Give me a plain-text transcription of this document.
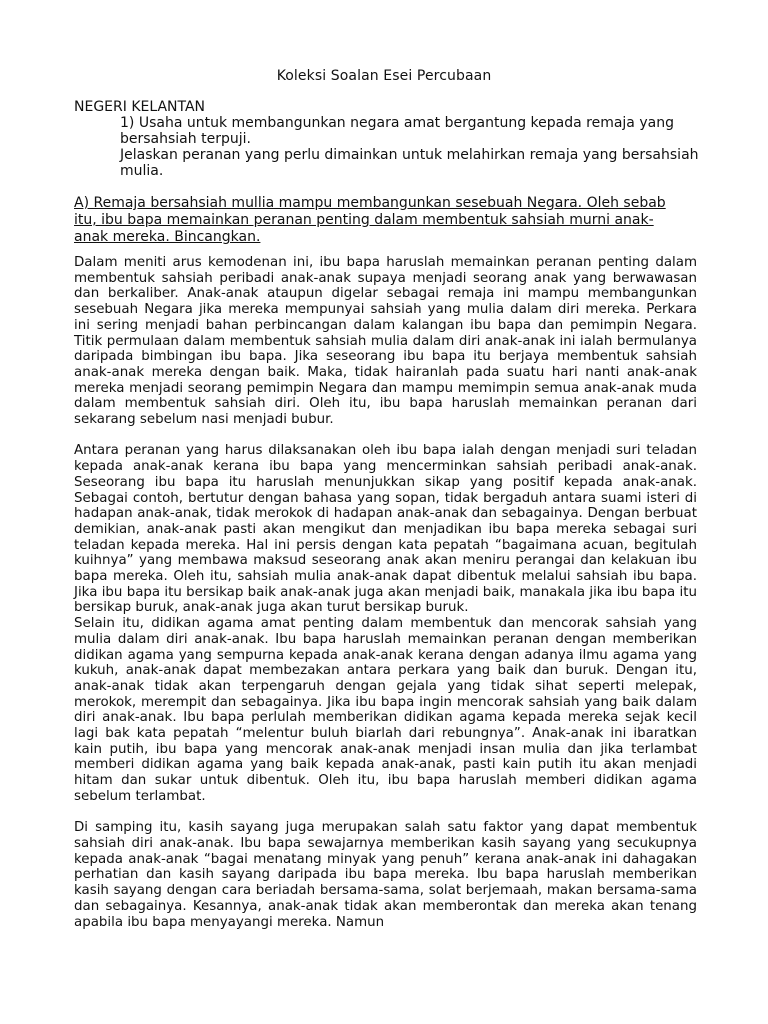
Koleksi Soalan Esei Percubaan
NEGERI KELANTAN
1) Usaha untuk membangunkan negara amat bergantung kepada remaja yang bersahsiah terpuji.
Jelaskan peranan yang perlu dimainkan untuk melahirkan remaja yang bersahsiah mulia.
A) Remaja bersahsiah mullia mampu membangunkan sesebuah Negara. Oleh sebab itu, ibu bapa memainkan peranan penting dalam membentuk sahsiah murni anak-anak mereka. Bincangkan.

Dalam meniti arus kemodenan ini, ibu bapa haruslah memainkan peranan penting dalam membentuk sahsiah peribadi anak-anak supaya menjadi seorang anak yang berwawasan dan berkaliber. Anak-anak ataupun digelar sebagai remaja ini mampu membangunkan sesebuah Negara jika mereka mempunyai sahsiah yang mulia dalam diri mereka. Perkara ini sering menjadi bahan perbincangan dalam kalangan ibu bapa dan pemimpin Negara. Titik permulaan dalam membentuk sahsiah mulia dalam diri anak-anak ini ialah bermulanya daripada bimbingan ibu bapa. Jika seseorang ibu bapa itu berjaya membentuk sahsiah anak-anak mereka dengan baik. Maka, tidak hairanlah pada suatu hari nanti anak-anak mereka menjadi seorang pemimpin Negara dan mampu memimpin semua anak-anak muda dalam membentuk sahsiah diri. Oleh itu, ibu bapa haruslah memainkan peranan dari sekarang sebelum nasi menjadi bubur.

Antara peranan yang harus dilaksanakan oleh ibu bapa ialah dengan menjadi suri teladan kepada anak-anak kerana ibu bapa yang mencerminkan sahsiah peribadi anak-anak. Seseorang ibu bapa itu haruslah menunjukkan sikap yang positif kepada anak-anak. Sebagai contoh, bertutur dengan bahasa yang sopan, tidak bergaduh antara suami isteri di hadapan anak-anak, tidak merokok di hadapan anak-anak dan sebagainya. Dengan berbuat demikian, anak-anak pasti akan mengikut dan menjadikan ibu bapa mereka sebagai suri teladan kepada mereka. Hal ini persis dengan kata pepatah “bagaimana acuan, begitulah kuihnya” yang membawa maksud seseorang anak akan meniru perangai dan kelakuan ibu bapa mereka. Oleh itu, sahsiah mulia anak-anak dapat dibentuk melalui sahsiah ibu bapa. Jika ibu bapa itu bersikap baik anak-anak juga akan menjadi baik, manakala jika ibu bapa itu bersikap buruk, anak-anak juga akan turut bersikap buruk.

Selain itu, didikan agama amat penting dalam membentuk dan mencorak sahsiah yang mulia dalam diri anak-anak. Ibu bapa haruslah memainkan peranan dengan memberikan didikan agama yang sempurna kepada anak-anak kerana dengan adanya ilmu agama yang kukuh, anak-anak dapat membezakan antara perkara yang baik dan buruk. Dengan itu, anak-anak tidak akan terpengaruh dengan gejala yang tidak sihat seperti melepak, merokok, merempit dan sebagainya. Jika ibu bapa ingin mencorak sahsiah yang baik dalam diri anak-anak. Ibu bapa perlulah memberikan didikan agama kepada mereka sejak kecil lagi bak kata pepatah “melentur buluh biarlah dari rebungnya”. Anak-anak ini ibaratkan kain putih, ibu bapa yang mencorak anak-anak menjadi insan mulia dan jika terlambat memberi didikan agama yang baik kepada anak-anak, pasti kain putih itu akan menjadi hitam dan sukar untuk dibentuk. Oleh itu, ibu bapa haruslah memberi didikan agama sebelum terlambat.

Di samping itu, kasih sayang juga merupakan salah satu faktor yang dapat membentuk sahsiah diri anak-anak. Ibu bapa sewajarnya memberikan kasih sayang yang secukupnya kepada anak-anak “bagai menatang minyak yang penuh” kerana anak-anak ini dahagakan perhatian dan kasih sayang daripada ibu bapa mereka. Ibu bapa haruslah memberikan kasih sayang dengan cara beriadah bersama-sama, solat berjemaah, makan bersama-sama dan sebagainya. Kesannya, anak-anak tidak akan memberontak dan mereka akan tenang apabila ibu bapa menyayangi mereka. Namun
